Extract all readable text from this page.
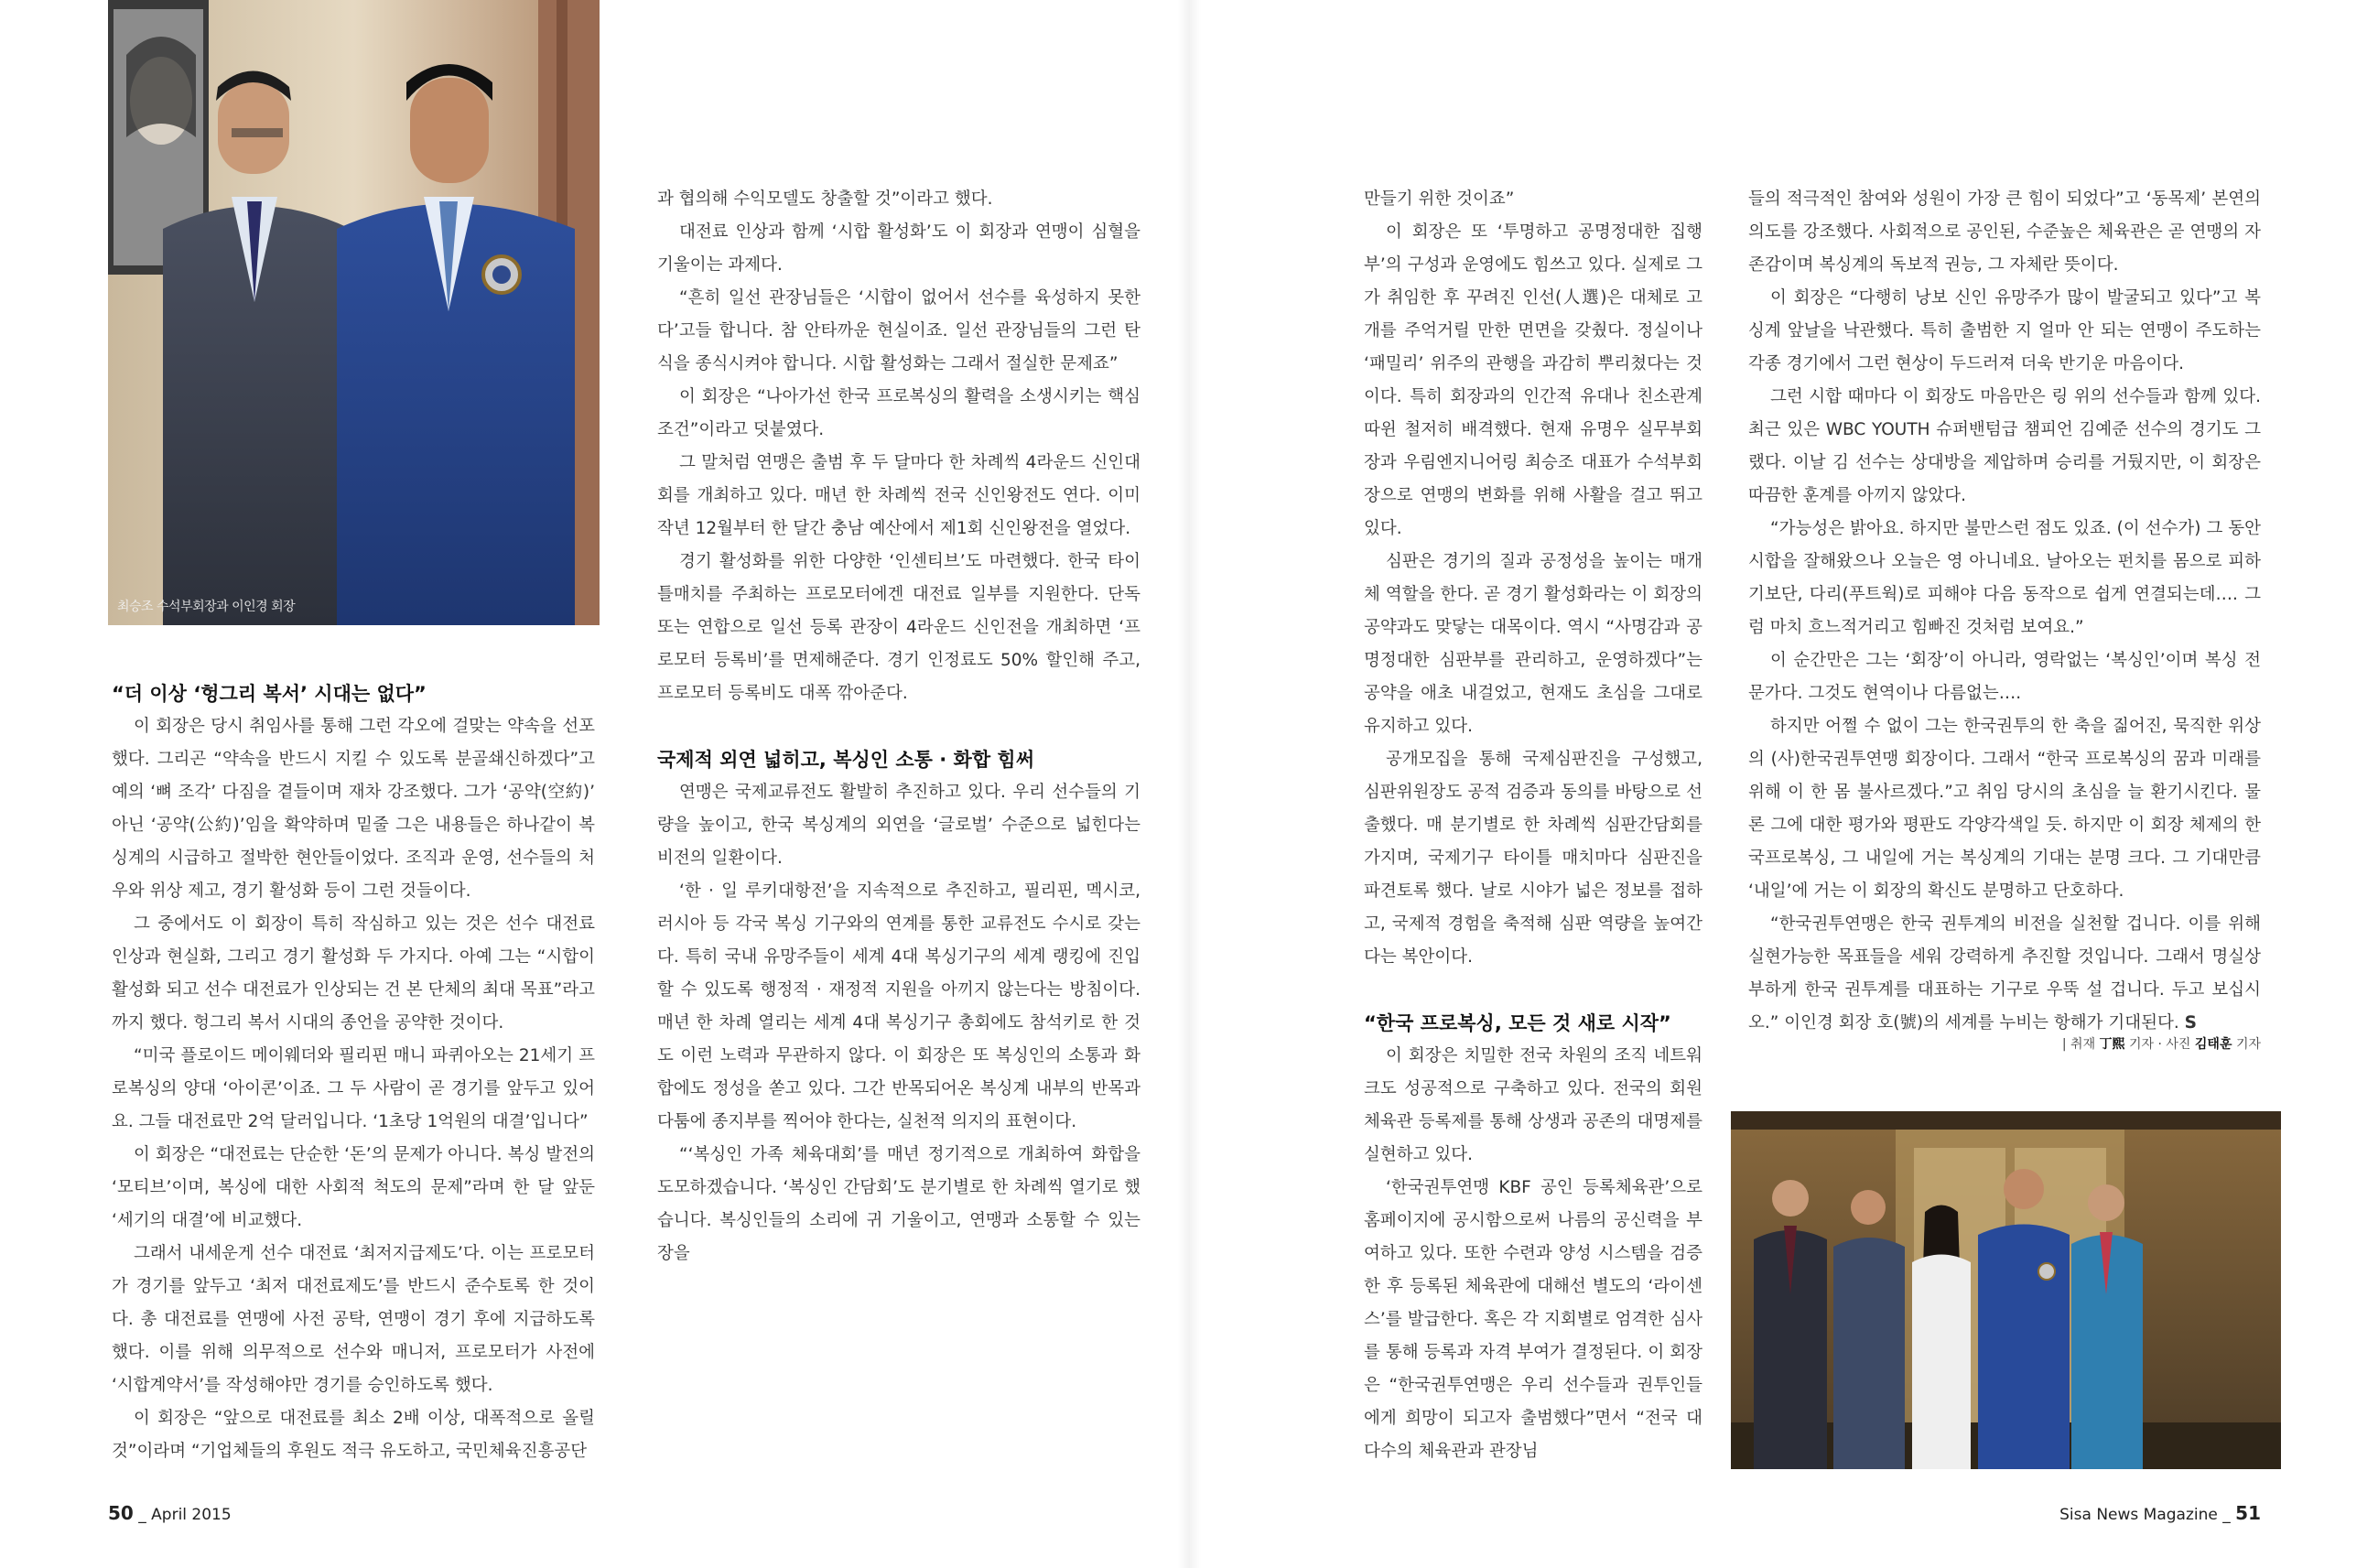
최승조 수석부회장과 이인경 회장
“더 이상 ‘헝그리 복서’ 시대는 없다”

이 회장은 당시 취임사를 통해 그런 각오에 걸맞는 약속을 선포했다. 그리곤 “약속을 반드시 지킬 수 있도록 분골쇄신하겠다”고 예의 ‘뼈 조각’ 다짐을 곁들이며 재차 강조했다. 그가 ‘공약(空約)’ 아닌 ‘공약(公約)’임을 확약하며 밑줄 그은 내용들은 하나같이 복싱계의 시급하고 절박한 현안들이었다. 조직과 운영, 선수들의 처우와 위상 제고, 경기 활성화 등이 그런 것들이다.

그 중에서도 이 회장이 특히 작심하고 있는 것은 선수 대전료 인상과 현실화, 그리고 경기 활성화 두 가지다. 아예 그는 “시합이 활성화 되고 선수 대전료가 인상되는 건 본 단체의 최대 목표”라고까지 했다. 헝그리 복서 시대의 종언을 공약한 것이다.

“미국 플로이드 메이웨더와 필리핀 매니 파퀴아오는 21세기 프로복싱의 양대 ‘아이콘’이죠. 그 두 사람이 곧 경기를 앞두고 있어요. 그들 대전료만 2억 달러입니다. ‘1초당 1억원의 대결’입니다”

이 회장은 “대전료는 단순한 ‘돈’의 문제가 아니다. 복싱 발전의 ‘모티브’이며, 복싱에 대한 사회적 척도의 문제”라며 한 달 앞둔 ‘세기의 대결’에 비교했다.

그래서 내세운게 선수 대전료 ‘최저지급제도’다. 이는 프로모터가 경기를 앞두고 ‘최저 대전료제도’를 반드시 준수토록 한 것이다. 총 대전료를 연맹에 사전 공탁, 연맹이 경기 후에 지급하도록 했다. 이를 위해 의무적으로 선수와 매니저, 프로모터가 사전에 ‘시합계약서’를 작성해야만 경기를 승인하도록 했다.

이 회장은 “앞으로 대전료를 최소 2배 이상, 대폭적으로 올릴 것”이라며 “기업체들의 후원도 적극 유도하고, 국민체육진흥공단

과 협의해 수익모델도 창출할 것”이라고 했다.

대전료 인상과 함께 ‘시합 활성화’도 이 회장과 연맹이 심혈을 기울이는 과제다.

“흔히 일선 관장님들은 ‘시합이 없어서 선수를 육성하지 못한다’고들 합니다. 참 안타까운 현실이죠. 일선 관장님들의 그런 탄식을 종식시켜야 합니다. 시합 활성화는 그래서 절실한 문제죠”

이 회장은 “나아가선 한국 프로복싱의 활력을 소생시키는 핵심 조건”이라고 덧붙였다.

그 말처럼 연맹은 출범 후 두 달마다 한 차례씩 4라운드 신인대회를 개최하고 있다. 매년 한 차례씩 전국 신인왕전도 연다. 이미 작년 12월부터 한 달간 충남 예산에서 제1회 신인왕전을 열었다.

경기 활성화를 위한 다양한 ‘인센티브’도 마련했다. 한국 타이틀매치를 주최하는 프로모터에겐 대전료 일부를 지원한다. 단독 또는 연합으로 일선 등록 관장이 4라운드 신인전을 개최하면 ‘프로모터 등록비’를 면제해준다. 경기 인정료도 50% 할인해 주고, 프로모터 등록비도 대폭 깎아준다.

국제적 외연 넓히고, 복싱인 소통 · 화합 힘써

연맹은 국제교류전도 활발히 추진하고 있다. 우리 선수들의 기량을 높이고, 한국 복싱계의 외연을 ‘글로벌’ 수준으로 넓힌다는 비전의 일환이다.

‘한 · 일 루키대항전’을 지속적으로 추진하고, 필리핀, 멕시코, 러시아 등 각국 복싱 기구와의 연계를 통한 교류전도 수시로 갖는다. 특히 국내 유망주들이 세계 4대 복싱기구의 세계 랭킹에 진입할 수 있도록 행정적 · 재정적 지원을 아끼지 않는다는 방침이다. 매년 한 차례 열리는 세계 4대 복싱기구 총회에도 참석키로 한 것도 이런 노력과 무관하지 않다. 이 회장은 또 복싱인의 소통과 화합에도 정성을 쏟고 있다. 그간 반목되어온 복싱계 내부의 반목과 다툼에 종지부를 찍어야 한다는, 실천적 의지의 표현이다.

“‘복싱인 가족 체육대회’를 매년 정기적으로 개최하여 화합을 도모하겠습니다. ‘복싱인 간담회’도 분기별로 한 차례씩 열기로 했습니다. 복싱인들의 소리에 귀 기울이고, 연맹과 소통할 수 있는 장을

50 _ April 2015

만들기 위한 것이죠”

이 회장은 또 ‘투명하고 공명정대한 집행부’의 구성과 운영에도 힘쓰고 있다. 실제로 그가 취임한 후 꾸려진 인선(人選)은 대체로 고개를 주억거릴 만한 면면을 갖췄다. 정실이나 ‘패밀리’ 위주의 관행을 과감히 뿌리쳤다는 것이다. 특히 회장과의 인간적 유대나 친소관계 따윈 철저히 배격했다. 현재 유명우 실무부회장과 우림엔지니어링 최승조 대표가 수석부회장으로 연맹의 변화를 위해 사활을 걸고 뛰고 있다.

심판은 경기의 질과 공정성을 높이는 매개체 역할을 한다. 곧 경기 활성화라는 이 회장의 공약과도 맞닿는 대목이다. 역시 “사명감과 공명정대한 심판부를 관리하고, 운영하겠다”는 공약을 애초 내걸었고, 현재도 초심을 그대로 유지하고 있다.

공개모집을 통해 국제심판진을 구성했고, 심판위원장도 공적 검증과 동의를 바탕으로 선출했다. 매 분기별로 한 차례씩 심판간담회를 가지며, 국제기구 타이틀 매치마다 심판진을 파견토록 했다. 날로 시야가 넓은 정보를 접하고, 국제적 경험을 축적해 심판 역량을 높여간다는 복안이다.

“한국 프로복싱, 모든 것 새로 시작”

이 회장은 치밀한 전국 차원의 조직 네트워크도 성공적으로 구축하고 있다. 전국의 회원 체육관 등록제를 통해 상생과 공존의 대명제를 실현하고 있다.

‘한국권투연맹 KBF 공인 등록체육관’으로 홈페이지에 공시함으로써 나름의 공신력을 부여하고 있다. 또한 수련과 양성 시스템을 검증한 후 등록된 체육관에 대해선 별도의 ‘라이센스’를 발급한다. 혹은 각 지회별로 엄격한 심사를 통해 등록과 자격 부여가 결정된다. 이 회장은 “한국권투연맹은 우리 선수들과 권투인들에게 희망이 되고자 출범했다”면서 “전국 대다수의 체육관과 관장님

들의 적극적인 참여와 성원이 가장 큰 힘이 되었다”고 ‘동목제’ 본연의 의도를 강조했다. 사회적으로 공인된, 수준높은 체육관은 곧 연맹의 자존감이며 복싱계의 독보적 권능, 그 자체란 뜻이다.

이 회장은 “다행히 낭보 신인 유망주가 많이 발굴되고 있다”고 복싱계 앞날을 낙관했다. 특히 출범한 지 얼마 안 되는 연맹이 주도하는 각종 경기에서 그런 현상이 두드러져 더욱 반기운 마음이다.

그런 시합 때마다 이 회장도 마음만은 링 위의 선수들과 함께 있다. 최근 있은 WBC YOUTH 슈퍼밴텀급 챔피언 김예준 선수의 경기도 그랬다. 이날 김 선수는 상대방을 제압하며 승리를 거뒀지만, 이 회장은 따끔한 훈계를 아끼지 않았다.

“가능성은 밝아요. 하지만 불만스런 점도 있죠. (이 선수가) 그 동안 시합을 잘해왔으나 오늘은 영 아니네요. 날아오는 펀치를 몸으로 피하기보단, 다리(푸트웍)로 피해야 다음 동작으로 쉽게 연결되는데…. 그럼 마치 흐느적거리고 힘빠진 것처럼 보여요.”

이 순간만은 그는 ‘회장’이 아니라, 영락없는 ‘복싱인’이며 복싱 전문가다. 그것도 현역이나 다름없는….

하지만 어쩔 수 없이 그는 한국권투의 한 축을 짊어진, 묵직한 위상의 (사)한국권투연맹 회장이다. 그래서 “한국 프로복싱의 꿈과 미래를 위해 이 한 몸 불사르겠다.”고 취임 당시의 초심을 늘 환기시킨다. 물론 그에 대한 평가와 평판도 각양각색일 듯. 하지만 이 회장 체제의 한국프로복싱, 그 내일에 거는 복싱계의 기대는 분명 크다. 그 기대만큼 ‘내일’에 거는 이 회장의 확신도 분명하고 단호하다.

“한국권투연맹은 한국 권투계의 비전을 실천할 겁니다. 이를 위해 실현가능한 목표들을 세워 강력하게 추진할 것입니다. 그래서 명실상부하게 한국 권투계를 대표하는 기구로 우뚝 설 겁니다. 두고 보십시오.” 이인경 회장 호(號)의 세계를 누비는 항해가 기대된다. S

| 취재 丁熙 기자 · 사진 김태훈 기자
Sisa News Magazine _ 51
